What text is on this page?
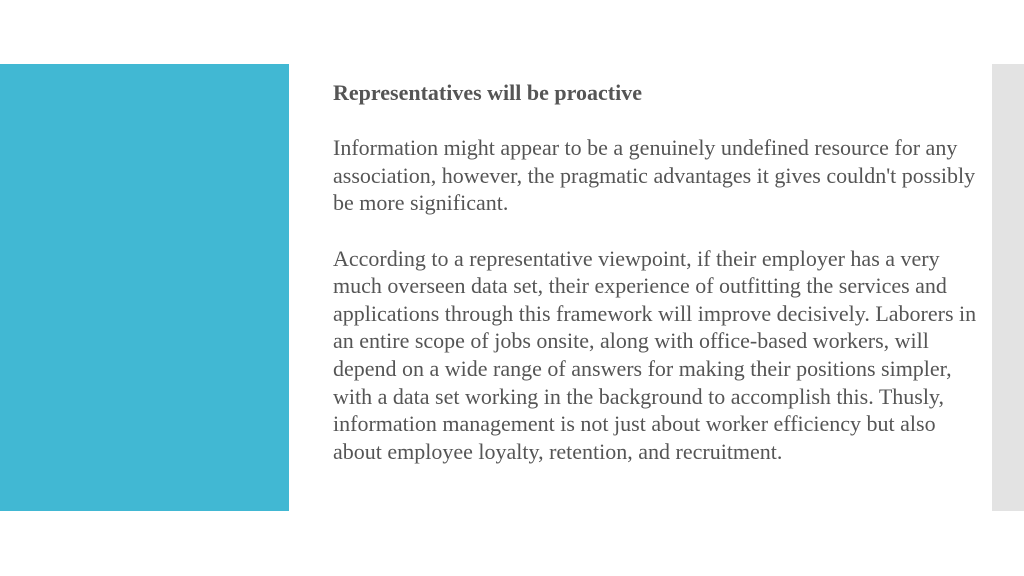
Representatives will be proactive

Information might appear to be a genuinely undefined resource for any association, however, the pragmatic advantages it gives couldn't possibly be more significant.

According to a representative viewpoint, if their employer has a very much overseen data set, their experience of outfitting the services and applications through this framework will improve decisively. Laborers in an entire scope of jobs onsite, along with office-based workers, will depend on a wide range of answers for making their positions simpler, with a data set working in the background to accomplish this. Thusly, information management is not just about worker efficiency but also about employee loyalty, retention, and recruitment.
